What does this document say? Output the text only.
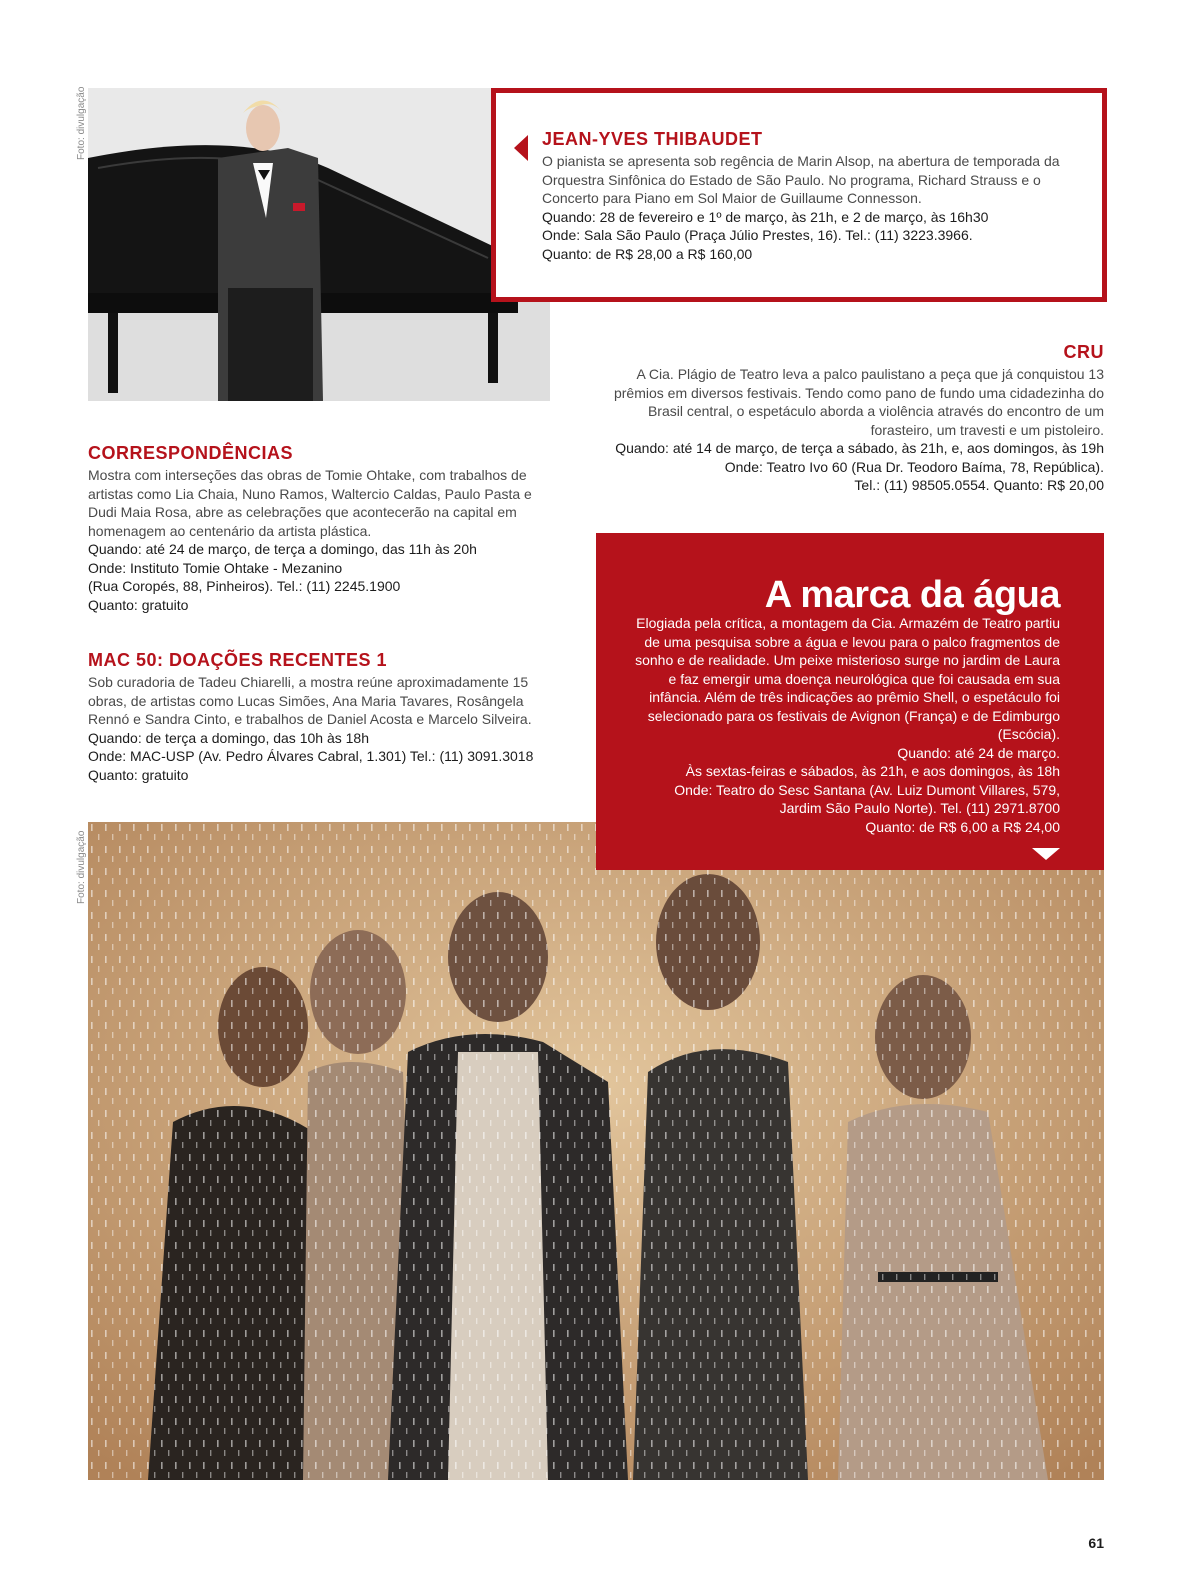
Foto: divulgação
Foto: divulgação
JEAN-YVES THIBAUDET

O pianista se apresenta sob regência de Marin Alsop, na abertura de temporada da Orquestra Sinfônica do Estado de São Paulo. No programa, Richard Strauss e o Concerto para Piano em Sol Maior de Guillaume Connesson.

Quando: 28 de fevereiro e 1º de março, às 21h, e 2 de março, às 16h30

Onde: Sala São Paulo (Praça Júlio Prestes, 16). Tel.: (11) 3223.3966.

Quanto: de R$ 28,00 a R$ 160,00

CRU

A Cia. Plágio de Teatro leva a palco paulistano a peça que já conquistou 13 prêmios em diversos festivais. Tendo como pano de fundo uma cidadezinha do Brasil central, o espetáculo aborda a violência através do encontro de um forasteiro, um travesti e um pistoleiro.

Quando: até 14 de março, de terça a sábado, às 21h, e, aos domingos, às 19h

Onde: Teatro Ivo 60 (Rua Dr. Teodoro Baíma, 78, República).

Tel.: (11) 98505.0554. Quanto: R$ 20,00

CORRESPONDÊNCIAS

Mostra com interseções das obras de Tomie Ohtake, com trabalhos de artistas como Lia Chaia, Nuno Ramos, Waltercio Caldas, Paulo Pasta e Dudi Maia Rosa, abre as celebrações que acontecerão na capital em homenagem ao centenário da artista plástica.

Quando: até 24 de março, de terça a domingo, das 11h às 20h

Onde: Instituto Tomie Ohtake - Mezanino

(Rua Coropés, 88, Pinheiros). Tel.: (11) 2245.1900

Quanto: gratuito

MAC 50: DOAÇÕES RECENTES 1

Sob curadoria de Tadeu Chiarelli, a mostra reúne aproximadamente 15 obras, de artistas como Lucas Simões, Ana Maria Tavares, Rosângela Rennó e Sandra Cinto, e trabalhos de Daniel Acosta e Marcelo Silveira.

Quando: de terça a domingo, das 10h às 18h

Onde: MAC-USP (Av. Pedro Álvares Cabral, 1.301) Tel.: (11) 3091.3018

Quanto: gratuito

A marca da água

Elogiada pela crítica, a montagem da Cia. Armazém de Teatro partiu de uma pesquisa sobre a água e levou para o palco fragmentos de sonho e de realidade. Um peixe misterioso surge no jardim de Laura e faz emergir uma doença neurológica que foi causada em sua infância. Além de três indicações ao prêmio Shell, o espetáculo foi selecionado para os festivais de Avignon (França) e de Edimburgo (Escócia).

Quando: até 24 de março.

Às sextas-feiras e sábados, às 21h, e aos domingos, às 18h

Onde: Teatro do Sesc Santana (Av. Luiz Dumont Villares, 579,

Jardim São Paulo Norte). Tel. (11) 2971.8700

Quanto: de R$ 6,00 a R$ 24,00

61
